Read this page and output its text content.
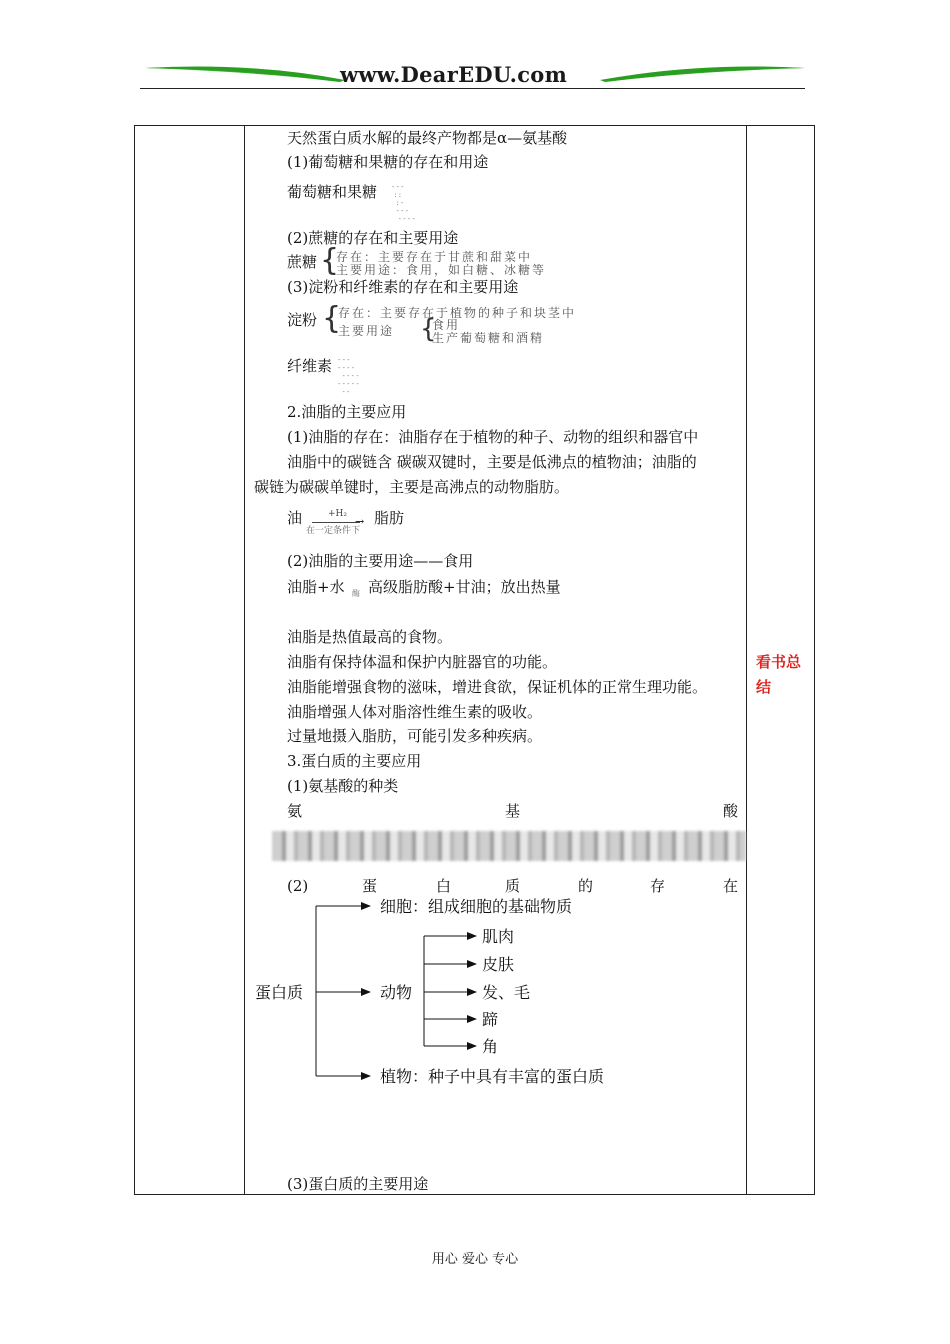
www.DearEDU.com
天然蛋白质水解的最终产物都是α—氨基酸
(1)葡萄糖和果糖的存在和用途
葡萄糖和果糖 - - -
: :
: -
- - -
- - - -
(2)蔗糖的存在和主要用途
蔗糖 {
存在：主要存在于甘蔗和甜菜中
主要用途：食用，如白糖、冰糖等
(3)淀粉和纤维素的存在和主要用途
淀粉 {
存在：主要存在于植物的种子和块茎中
主要用途 {
食用
生产葡萄糖和酒精
纤维素 - - -
- - - -
- - - -
- - - - -
- -
2.油脂的主要应用
(1)油脂的存在：油脂存在于植物的种子、动物的组织和器官中
油脂中的碳链含 碳碳双键时，主要是低沸点的植物油；油脂的
碳链为碳碳单键时，主要是高沸点的动物脂肪。
油	+H₂
→
在一定条件下
脂肪
(2)油脂的主要用途——食用
油脂+水 酶 高级脂肪酸+甘油；放出热量
油脂是热值最高的食物。
油脂有保持体温和保护内脏器官的功能。
油脂能增强食物的滋味，增进食欲，保证机体的正常生理功能。
油脂增强人体对脂溶性维生素的吸收。
过量地摄入脂肪，可能引发多种疾病。
3.蛋白质的主要应用
(1)氨基酸的种类
氨	基	酸
(2)	蛋	白	质	的	存	在
蛋白质
细胞：组成细胞的基础物质
动物
肌肉
皮肤
发、毛
蹄
角
植物：种子中具有丰富的蛋白质
(3)蛋白质的主要用途
看书总
结
用心 爱心 专心
